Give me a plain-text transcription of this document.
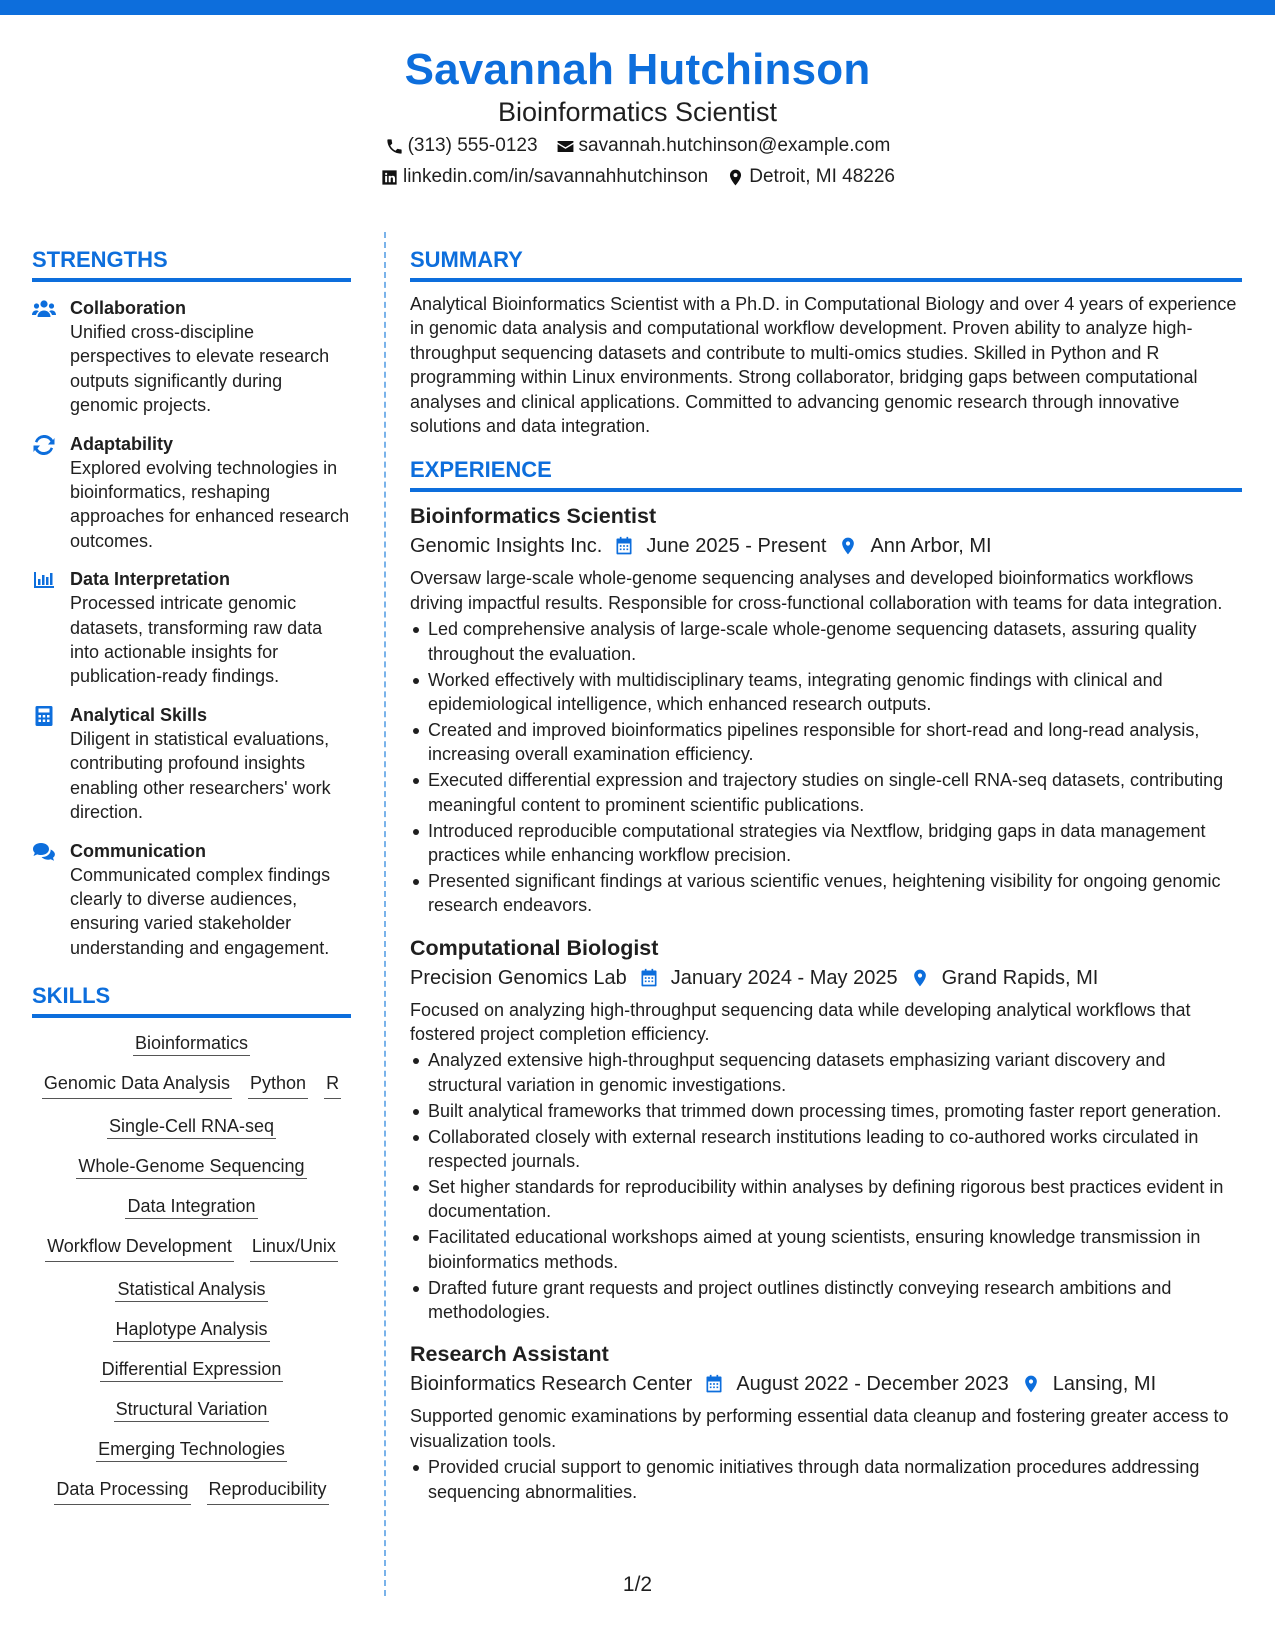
Savannah Hutchinson
Bioinformatics Scientist
(313) 555-0123 savannah.hutchinson@example.com
linkedin.com/in/savannahhutchinson Detroit, MI 48226
STRENGTHS
Collaboration
Unified cross-discipline perspectives to elevate research outputs significantly during genomic projects.
Adaptability
Explored evolving technologies in bioinformatics, reshaping approaches for enhanced research outcomes.
Data Interpretation
Processed intricate genomic datasets, transforming raw data into actionable insights for publication-ready findings.
Analytical Skills
Diligent in statistical evaluations, contributing profound insights enabling other researchers' work direction.
Communication
Communicated complex findings clearly to diverse audiences, ensuring varied stakeholder understanding and engagement.
SKILLS
Bioinformatics
Genomic Data Analysis Python R
Single-Cell RNA-seq
Whole-Genome Sequencing
Data Integration
Workflow Development Linux/Unix
Statistical Analysis
Haplotype Analysis
Differential Expression
Structural Variation
Emerging Technologies
Data Processing Reproducibility
SUMMARY

Analytical Bioinformatics Scientist with a Ph.D. in Computational Biology and over 4 years of experience in genomic data analysis and computational workflow development. Proven ability to analyze high-throughput sequencing datasets and contribute to multi-omics studies. Skilled in Python and R programming within Linux environments. Strong collaborator, bridging gaps between computational analyses and clinical applications. Committed to advancing genomic research through innovative solutions and data integration.

EXPERIENCE
Bioinformatics Scientist
Genomic Insights Inc. June 2025 - Present Ann Arbor, MI

Oversaw large-scale whole-genome sequencing analyses and developed bioinformatics workflows driving impactful results. Responsible for cross-functional collaboration with teams for data integration.

Led comprehensive analysis of large-scale whole-genome sequencing datasets, assuring quality throughout the evaluation.
Worked effectively with multidisciplinary teams, integrating genomic findings with clinical and epidemiological intelligence, which enhanced research outputs.
Created and improved bioinformatics pipelines responsible for short-read and long-read analysis, increasing overall examination efficiency.
Executed differential expression and trajectory studies on single-cell RNA-seq datasets, contributing meaningful content to prominent scientific publications.
Introduced reproducible computational strategies via Nextflow, bridging gaps in data management practices while enhancing workflow precision.
Presented significant findings at various scientific venues, heightening visibility for ongoing genomic research endeavors.
Computational Biologist
Precision Genomics Lab January 2024 - May 2025 Grand Rapids, MI

Focused on analyzing high-throughput sequencing data while developing analytical workflows that fostered project completion efficiency.

Analyzed extensive high-throughput sequencing datasets emphasizing variant discovery and structural variation in genomic investigations.
Built analytical frameworks that trimmed down processing times, promoting faster report generation.
Collaborated closely with external research institutions leading to co-authored works circulated in respected journals.
Set higher standards for reproducibility within analyses by defining rigorous best practices evident in documentation.
Facilitated educational workshops aimed at young scientists, ensuring knowledge transmission in bioinformatics methods.
Drafted future grant requests and project outlines distinctly conveying research ambitions and methodologies.
Research Assistant
Bioinformatics Research Center August 2022 - December 2023 Lansing, MI

Supported genomic examinations by performing essential data cleanup and fostering greater access to visualization tools.

Provided crucial support to genomic initiatives through data normalization procedures addressing sequencing abnormalities.
1/2
